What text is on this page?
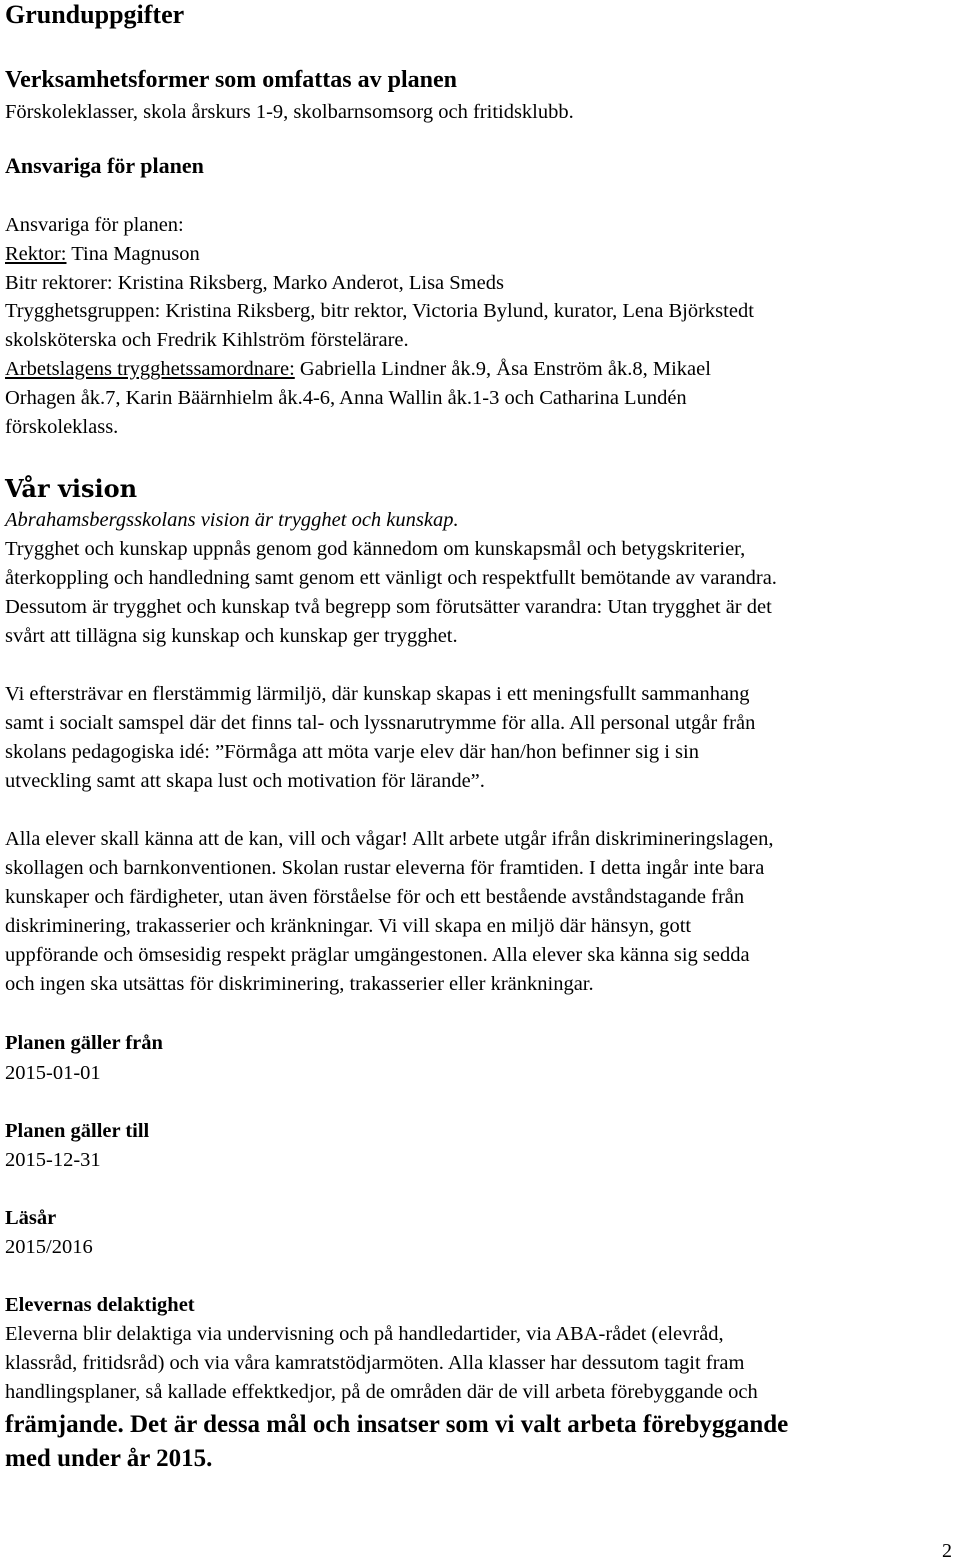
Grunduppgifter
Verksamhetsformer som omfattas av planen
Förskoleklasser, skola årskurs 1-9, skolbarnsomsorg och fritidsklubb.
Ansvariga för planen
Ansvariga för planen:
Rektor: Tina Magnuson
Bitr rektorer: Kristina Riksberg, Marko Anderot, Lisa Smeds
Trygghetsgruppen: Kristina Riksberg, bitr rektor, Victoria Bylund, kurator, Lena Björkstedt
skolsköterska och Fredrik Kihlström förstelärare.
Arbetslagens trygghetssamordnare: Gabriella Lindner åk.9, Åsa Enström åk.8, Mikael
Orhagen åk.7, Karin Bäärnhielm åk.4-6, Anna Wallin åk.1-3 och Catharina Lundén
förskoleklass.
Vår vision
Abrahamsbergsskolans vision är trygghet och kunskap.
Trygghet och kunskap uppnås genom god kännedom om kunskapsmål och betygskriterier,
återkoppling och handledning samt genom ett vänligt och respektfullt bemötande av varandra.
Dessutom är trygghet och kunskap två begrepp som förutsätter varandra: Utan trygghet är det
svårt att tillägna sig kunskap och kunskap ger trygghet.
Vi eftersträvar en flerstämmig lärmiljö, där kunskap skapas i ett meningsfullt sammanhang
samt i socialt samspel där det finns tal- och lyssnarutrymme för alla. All personal utgår från
skolans pedagogiska idé: ”Förmåga att möta varje elev där han/hon befinner sig i sin
utveckling samt att skapa lust och motivation för lärande”.
Alla elever skall känna att de kan, vill och vågar! Allt arbete utgår ifrån diskrimineringslagen,
skollagen och barnkonventionen. Skolan rustar eleverna för framtiden. I detta ingår inte bara
kunskaper och färdigheter, utan även förståelse för och ett bestående avståndstagande från
diskriminering, trakasserier och kränkningar. Vi vill skapa en miljö där hänsyn, gott
uppförande och ömsesidig respekt präglar umgängestonen. Alla elever ska känna sig sedda
och ingen ska utsättas för diskriminering, trakasserier eller kränkningar.
Planen gäller från
2015-01-01
Planen gäller till
2015-12-31
Läsår
2015/2016
Elevernas delaktighet
Eleverna blir delaktiga via undervisning och på handledartider, via ABA-rådet (elevråd,
klassråd, fritidsråd) och via våra kamratstödjarmöten. Alla klasser har dessutom tagit fram
handlingsplaner, så kallade effektkedjor, på de områden där de vill arbeta förebyggande och
främjande. Det är dessa mål och insatser som vi valt arbeta förebyggande
med under år 2015.
2
